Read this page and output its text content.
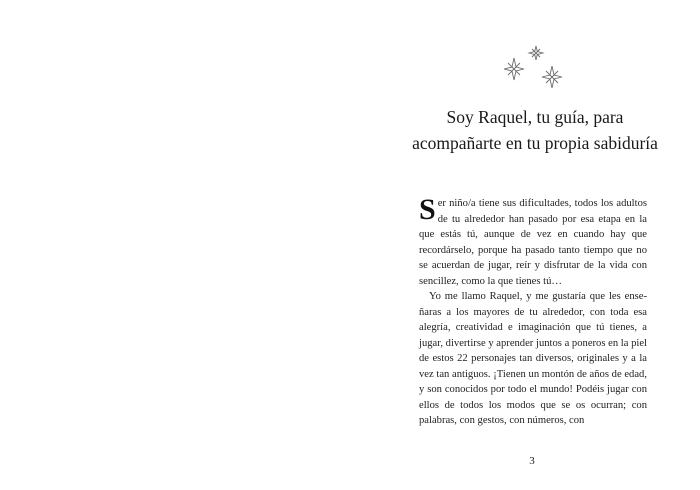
Soy Raquel, tu guía, para
acompañarte en tu propia sabiduría

Ser niño/a tiene sus dificultades, todos los adultos de tu alrededor han pasado por esa etapa en la que estás tú, aunque de vez en cuando hay que recordárselo, porque ha pasado tanto tiempo que no se acuerdan de jugar, reír y disfrutar de la vida con sencillez, como la que tienes tú…

Yo me llamo Raquel, y me gustaría que les enseñaras a los mayores de tu alrededor, con toda esa alegría, creatividad e imaginación que tú tienes, a jugar, divertirse y aprender juntos a poneros en la piel de estos 22 personajes tan diversos, originales y a la vez tan antiguos. ¡Tienen un montón de años de edad, y son conocidos por todo el mundo! Podéis jugar con ellos de todos los modos que se os ocurran; con palabras, con gestos, con números, con

3
